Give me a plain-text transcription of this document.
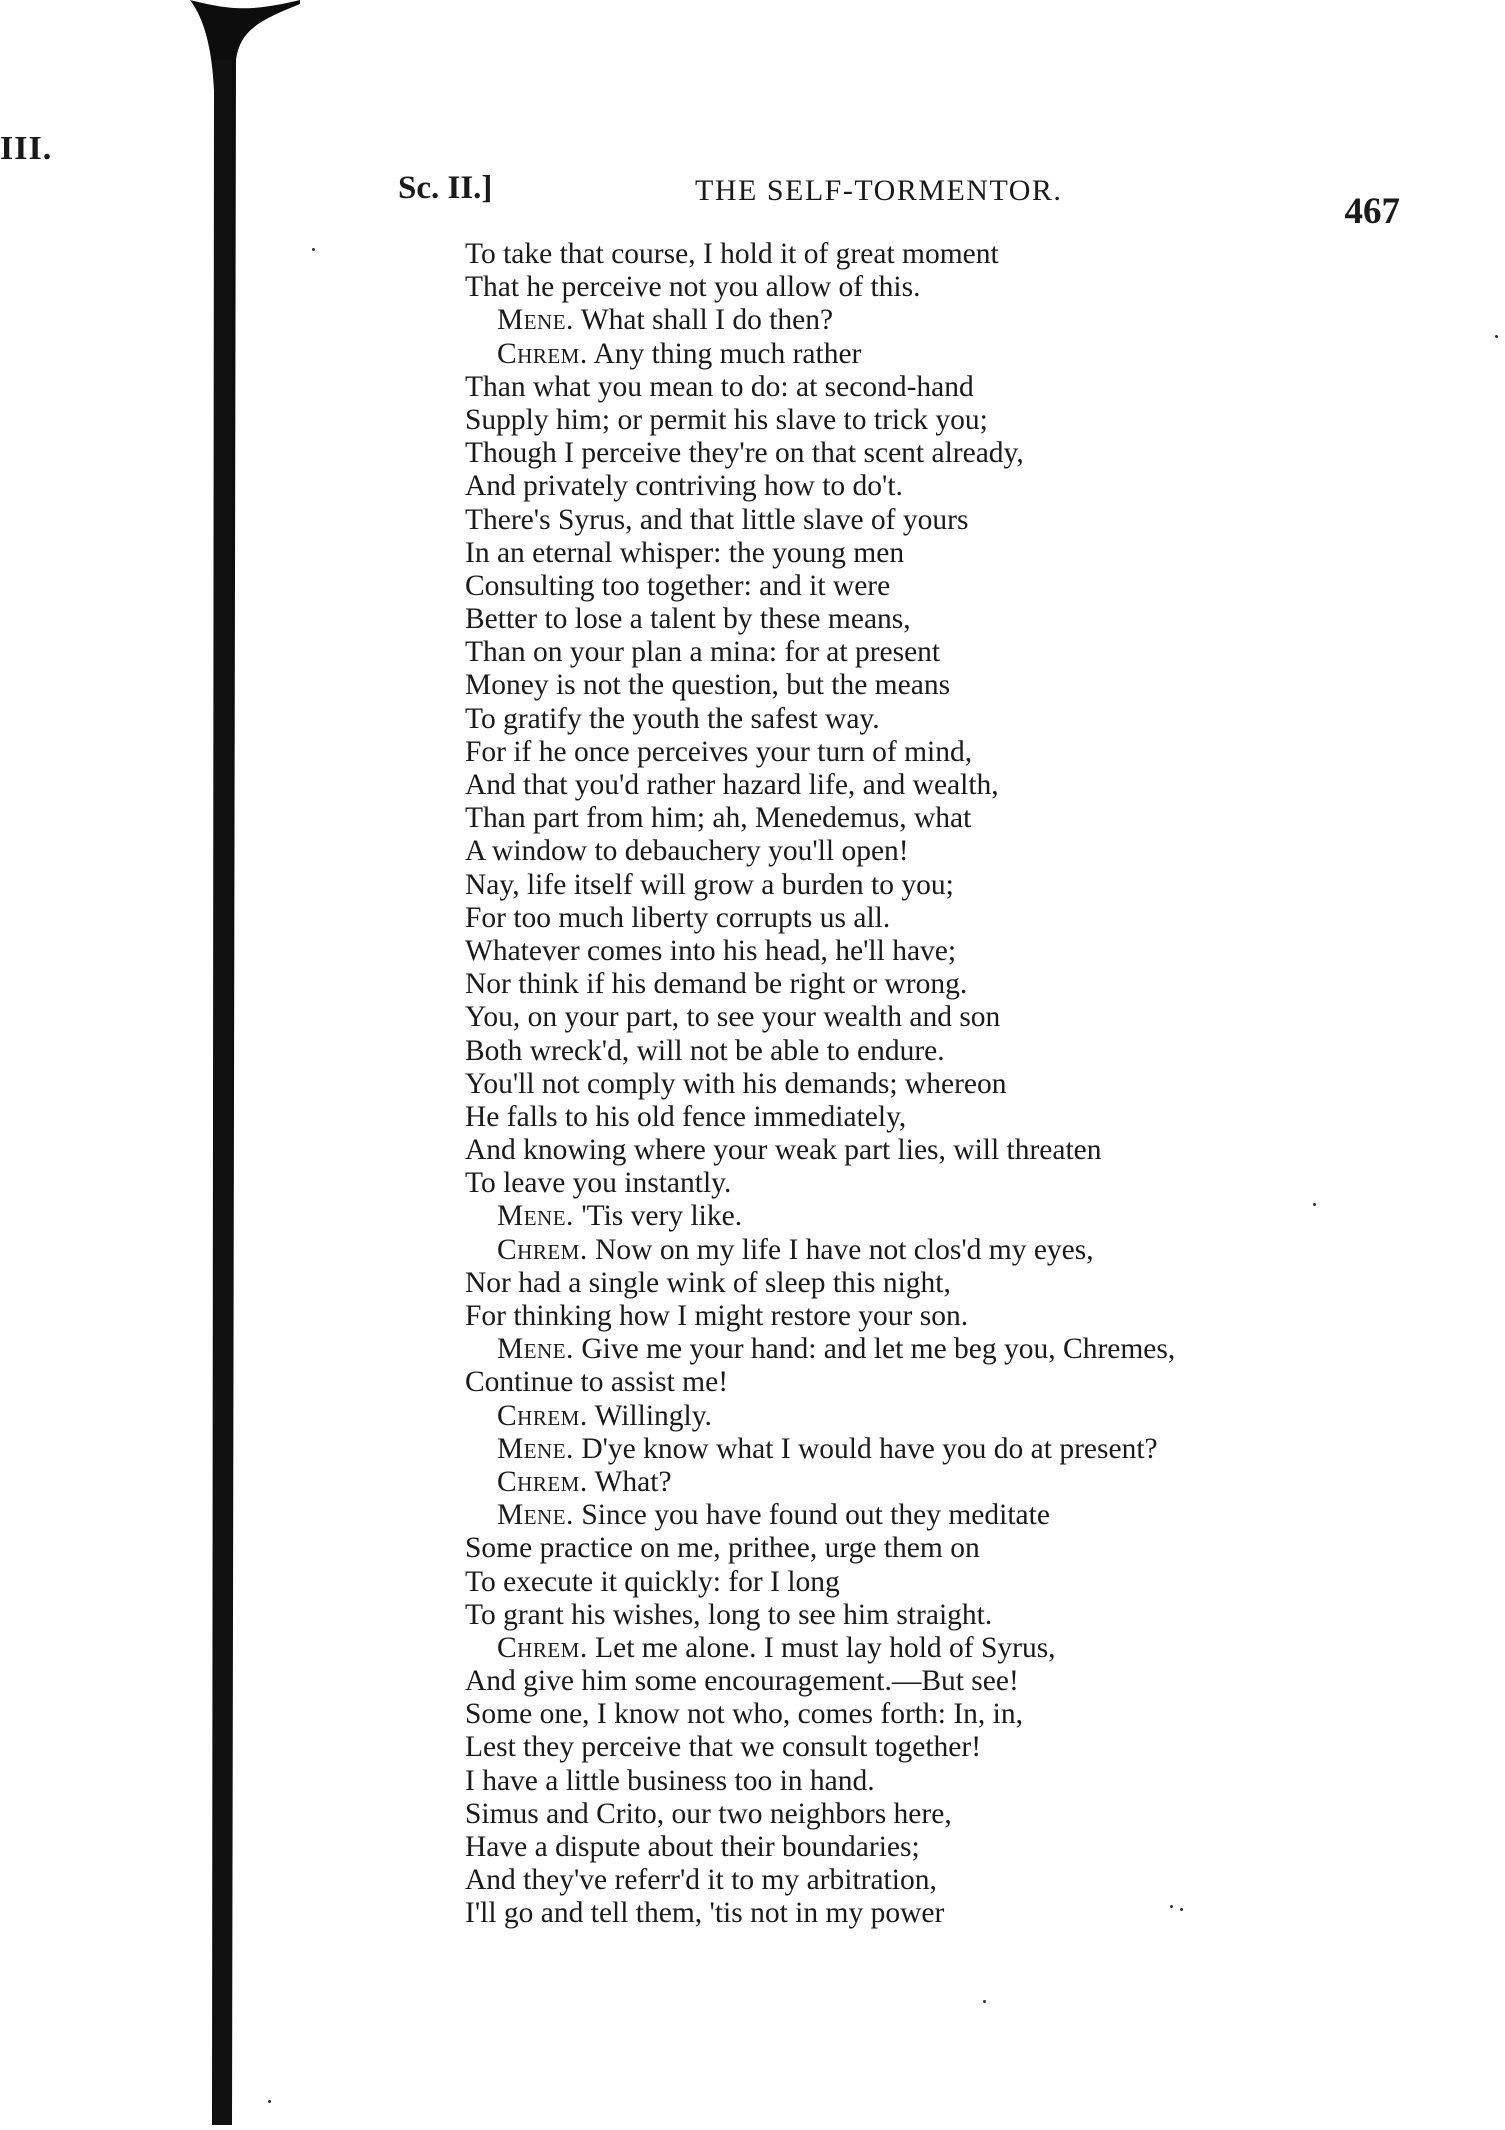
III.
Sc. II.]	THE SELF-TORMENTOR.
467
To take that course, I hold it of great moment
That he perceive not you allow of this.
Mene. What shall I do then?
Chrem. Any thing much rather
Than what you mean to do: at second-hand
Supply him; or permit his slave to trick you;
Though I perceive they're on that scent already,
And privately contriving how to do't.
There's Syrus, and that little slave of yours
In an eternal whisper: the young men
Consulting too together: and it were
Better to lose a talent by these means,
Than on your plan a mina: for at present
Money is not the question, but the means
To gratify the youth the safest way.
For if he once perceives your turn of mind,
And that you'd rather hazard life, and wealth,
Than part from him; ah, Menedemus, what
A window to debauchery you'll open!
Nay, life itself will grow a burden to you;
For too much liberty corrupts us all.
Whatever comes into his head, he'll have;
Nor think if his demand be right or wrong.
You, on your part, to see your wealth and son
Both wreck'd, will not be able to endure.
You'll not comply with his demands; whereon
He falls to his old fence immediately,
And knowing where your weak part lies, will threaten
To leave you instantly.
Mene. 'Tis very like.
Chrem. Now on my life I have not clos'd my eyes,
Nor had a single wink of sleep this night,
For thinking how I might restore your son.
Mene. Give me your hand: and let me beg you, Chremes,
Continue to assist me!
Chrem. Willingly.
Mene. D'ye know what I would have you do at present?
Chrem. What?
Mene. Since you have found out they meditate
Some practice on me, prithee, urge them on
To execute it quickly: for I long
To grant his wishes, long to see him straight.
Chrem. Let me alone. I must lay hold of Syrus,
And give him some encouragement.—But see!
Some one, I know not who, comes forth: In, in,
Lest they perceive that we consult together!
I have a little business too in hand.
Simus and Crito, our two neighbors here,
Have a dispute about their boundaries;
And they've referr'd it to my arbitration,
I'll go and tell them, 'tis not in my power
